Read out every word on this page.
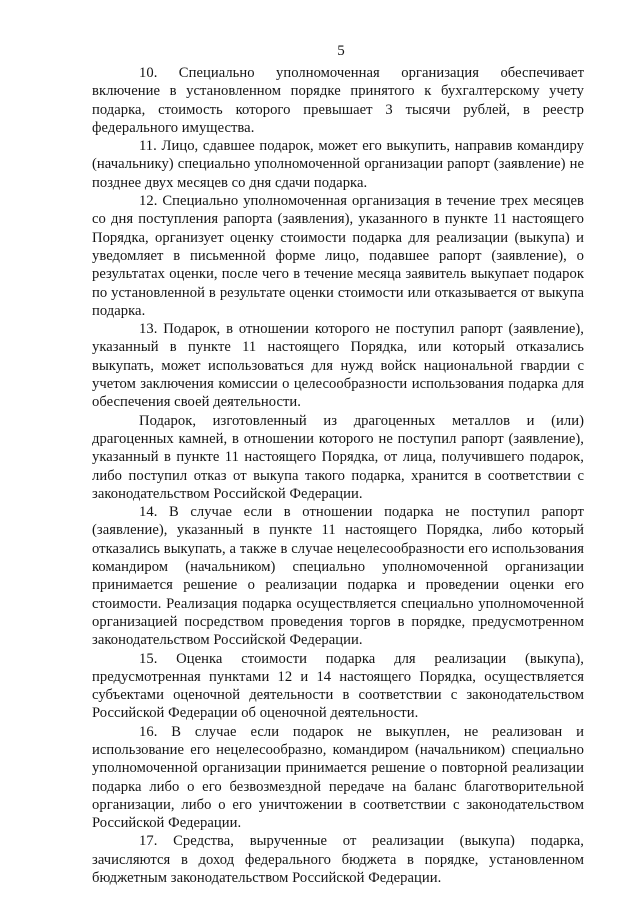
5

10. Специально уполномоченная организация обеспечивает включение в установленном порядке принятого к бухгалтерскому учету подарка, стоимость которого превышает 3 тысячи рублей, в реестр федерального имущества.

11. Лицо, сдавшее подарок, может его выкупить, направив командиру (начальнику) специально уполномоченной организации рапорт (заявление) не позднее двух месяцев со дня сдачи подарка.

12. Специально уполномоченная организация в течение трех месяцев со дня поступления рапорта (заявления), указанного в пункте 11 настоящего Порядка, организует оценку стоимости подарка для реализации (выкупа) и уведомляет в письменной форме лицо, подавшее рапорт (заявление), о результатах оценки, после чего в течение месяца заявитель выкупает подарок по установленной в результате оценки стоимости или отказывается от выкупа подарка.

13. Подарок, в отношении которого не поступил рапорт (заявление), указанный в пункте 11 настоящего Порядка, или который отказались выкупать, может использоваться для нужд войск национальной гвардии с учетом заключения комиссии о целесообразности использования подарка для обеспечения своей деятельности.

Подарок, изготовленный из драгоценных металлов и (или) драгоценных камней, в отношении которого не поступил рапорт (заявление), указанный в пункте 11 настоящего Порядка, от лица, получившего подарок, либо поступил отказ от выкупа такого подарка, хранится в соответствии с законодательством Российской Федерации.

14. В случае если в отношении подарка не поступил рапорт (заявление), указанный в пункте 11 настоящего Порядка, либо который отказались выкупать, а также в случае нецелесообразности его использования командиром (начальником) специально уполномоченной организации принимается решение о реализации подарка и проведении оценки его стоимости. Реализация подарка осуществляется специально уполномоченной организацией посредством проведения торгов в порядке, предусмотренном законодательством Российской Федерации.

15. Оценка стоимости подарка для реализации (выкупа), предусмотренная пунктами 12 и 14 настоящего Порядка, осуществляется субъектами оценочной деятельности в соответствии с законодательством Российской Федерации об оценочной деятельности.

16. В случае если подарок не выкуплен, не реализован и использование его нецелесообразно, командиром (начальником) специально уполномоченной организации принимается решение о повторной реализации подарка либо о его безвозмездной передаче на баланс благотворительной организации, либо о его уничтожении в соответствии с законодательством Российской Федерации.

17. Средства, вырученные от реализации (выкупа) подарка, зачисляются в доход федерального бюджета в порядке, установленном бюджетным законодательством Российской Федерации.
